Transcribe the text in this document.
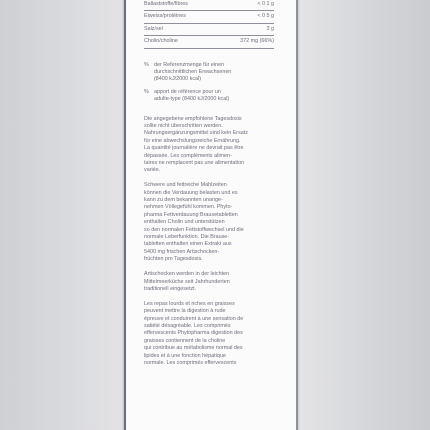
Ballaststoffe/fibres	< 0 1 g
Eiweiss/protéines	< 0 5 g
Salz/sel	3 g
Cholin/choline	372 mg (66%)
% der Referenzmenge für einen
durchschnittlichen Erwachsenen
(8400 kJ/2000 kcal)
% apport de référence pour un
adulte-type (8400 kJ/2000 kcal)
Die angegebene empfohlene Tagesdosis
sollte nicht überschritten werden.
Nahrungsergänzungsmittel sind kein Ersatz
für eine abwechslungsreiche Ernährung.
La quantité journalière ne devrait pas être
dépassée. Les compléments alimen-
taires ne remplacent pas une alimentation
variée.
Schwere und fettreiche Mahlzeiten
können die Verdauung belasten und es
kann zu dem bekannten unange-
nehmen Völlegefühl kommen. Phyto-
pharma Fettverdauung Brausetabletten
enthalten Cholin und unterstützen
so den normalen Fettstoffwechsel und die
normale Leberfunktion. Die Brause-
tabletten enthalten einen Extrakt aus
5400 mg frischen Artischocken-
früchten pro Tagesdosis.
Artischocken werden in der leichten
Mittelmeerküche seit Jahrhunderten
traditionell eingesetzt.
Les repas lourds et riches en graisses
peuvent mettre la digestion à rude
épreuve et conduirent à une sensation de
satiété désagréable. Les comprimés
effervescents Phytopharma digestion des
graisses contiennent de la choline
qui contribue au métabolisme normal des
lipides et à une fonction hépatique
normale. Les comprimés effervescents
